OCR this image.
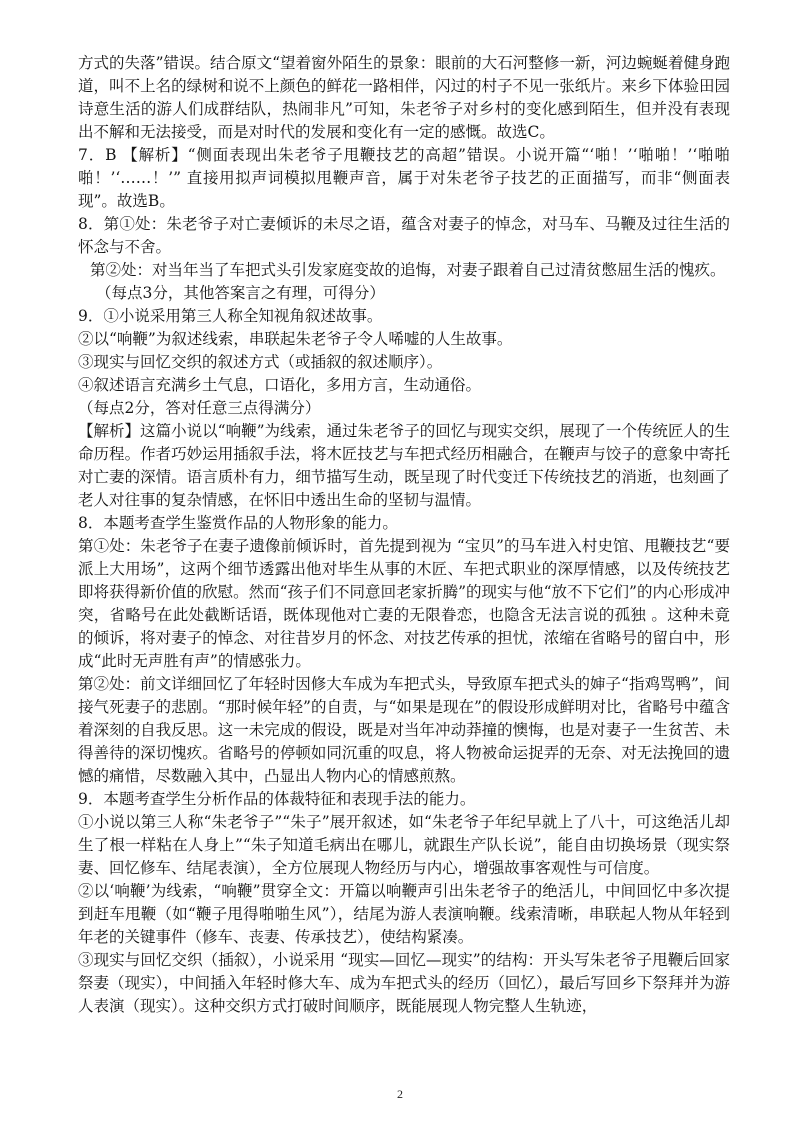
方式的失落”错误。结合原文“望着窗外陌生的景象：眼前的大石河整修一新，河边蜿蜒着健身跑道，叫不上名的绿树和说不上颜色的鲜花一路相伴，闪过的村子不见一张纸片。来乡下体验田园诗意生活的游人们成群结队，热闹非凡”可知，朱老爷子对乡村的变化感到陌生，但并没有表现出不解和无法接受，而是对时代的发展和变化有一定的感慨。故选C。

7．B 【解析】“侧面表现出朱老爷子甩鞭技艺的高超”错误。小说开篇“‘啪！’‘啪啪！’‘啪啪啪！’‘……！’” 直接用拟声词模拟甩鞭声音，属于对朱老爷子技艺的正面描写，而非“侧面表现”。故选B。

8．第①处：朱老爷子对亡妻倾诉的未尽之语，蕴含对妻子的悼念，对马车、马鞭及过往生活的怀念与不舍。

第②处：对当年当了车把式头引发家庭变故的追悔，对妻子跟着自己过清贫憋屈生活的愧疚。

（每点3分，其他答案言之有理，可得分）

9．①小说采用第三人称全知视角叙述故事。

②以“响鞭”为叙述线索，串联起朱老爷子令人唏嘘的人生故事。

③现实与回忆交织的叙述方式（或插叙的叙述顺序）。

④叙述语言充满乡土气息，口语化，多用方言，生动通俗。

（每点2分，答对任意三点得满分）

【解析】这篇小说以“响鞭”为线索，通过朱老爷子的回忆与现实交织，展现了一个传统匠人的生命历程。作者巧妙运用插叙手法，将木匠技艺与车把式经历相融合，在鞭声与饺子的意象中寄托对亡妻的深情。语言质朴有力，细节描写生动，既呈现了时代变迁下传统技艺的消逝，也刻画了老人对往事的复杂情感，在怀旧中透出生命的坚韧与温情。

8．本题考查学生鉴赏作品的人物形象的能力。

第①处：朱老爷子在妻子遗像前倾诉时，首先提到视为 “宝贝”的马车进入村史馆、甩鞭技艺“要派上大用场”，这两个细节透露出他对毕生从事的木匠、车把式职业的深厚情感，以及传统技艺即将获得新价值的欣慰。然而“孩子们不同意回老家折腾”的现实与他“放不下它们”的内心形成冲突，省略号在此处截断话语，既体现他对亡妻的无限眷恋，也隐含无法言说的孤独 。这种未竟的倾诉，将对妻子的悼念、对往昔岁月的怀念、对技艺传承的担忧，浓缩在省略号的留白中，形成“此时无声胜有声”的情感张力。

第②处：前文详细回忆了年轻时因修大车成为车把式头，导致原车把式头的婶子“指鸡骂鸭”，间接气死妻子的悲剧。“那时候年轻”的自责，与“如果是现在”的假设形成鲜明对比，省略号中蕴含着深刻的自我反思。这一未完成的假设，既是对当年冲动莽撞的懊悔，也是对妻子一生贫苦、未得善待的深切愧疚。省略号的停顿如同沉重的叹息，将人物被命运捉弄的无奈、对无法挽回的遗憾的痛惜，尽数融入其中，凸显出人物内心的情感煎熬。

9．本题考查学生分析作品的体裁特征和表现手法的能力。

①小说以第三人称“朱老爷子”“朱子”展开叙述，如“朱老爷子年纪早就上了八十，可这绝活儿却生了根一样粘在人身上”“朱子知道毛病出在哪儿，就跟生产队长说”，能自由切换场景（现实祭妻、回忆修车、结尾表演），全方位展现人物经历与内心，增强故事客观性与可信度。

②以‘响鞭’为线索，“响鞭”贯穿全文：开篇以响鞭声引出朱老爷子的绝活儿，中间回忆中多次提到赶车甩鞭（如“鞭子甩得啪啪生风”），结尾为游人表演响鞭。线索清晰，串联起人物从年轻到年老的关键事件（修车、丧妻、传承技艺），使结构紧凑。

③现实与回忆交织（插叙），小说采用 “现实—回忆—现实”的结构：开头写朱老爷子甩鞭后回家祭妻（现实），中间插入年轻时修大车、成为车把式头的经历（回忆），最后写回乡下祭拜并为游人表演（现实）。这种交织方式打破时间顺序，既能展现人物完整人生轨迹，

2
